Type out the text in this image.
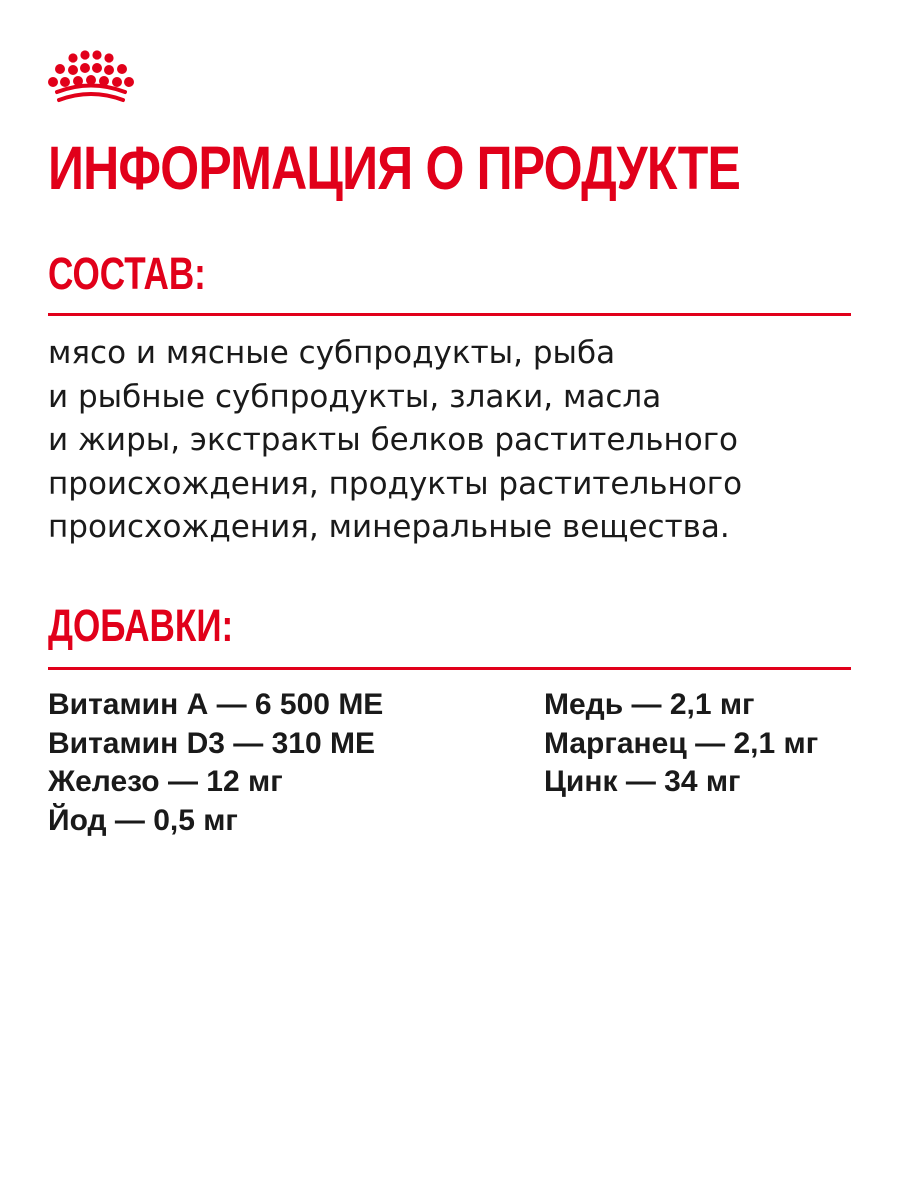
ИНФОРМАЦИЯ О ПРОДУКТЕ
СОСТАВ:

мясо и мясные субпродукты, рыба
и рыбные субпродукты, злаки, масла
и жиры, экстракты белков растительного
происхождения, продукты растительного
происхождения, минеральные вещества.

ДОБАВКИ:
Витамин А — 6 500 МЕ
Витамин D3 — 310 МЕ
Железо — 12 мг
Йод — 0,5 мг
Медь — 2,1 мг
Марганец — 2,1 мг
Цинк — 34 мг
